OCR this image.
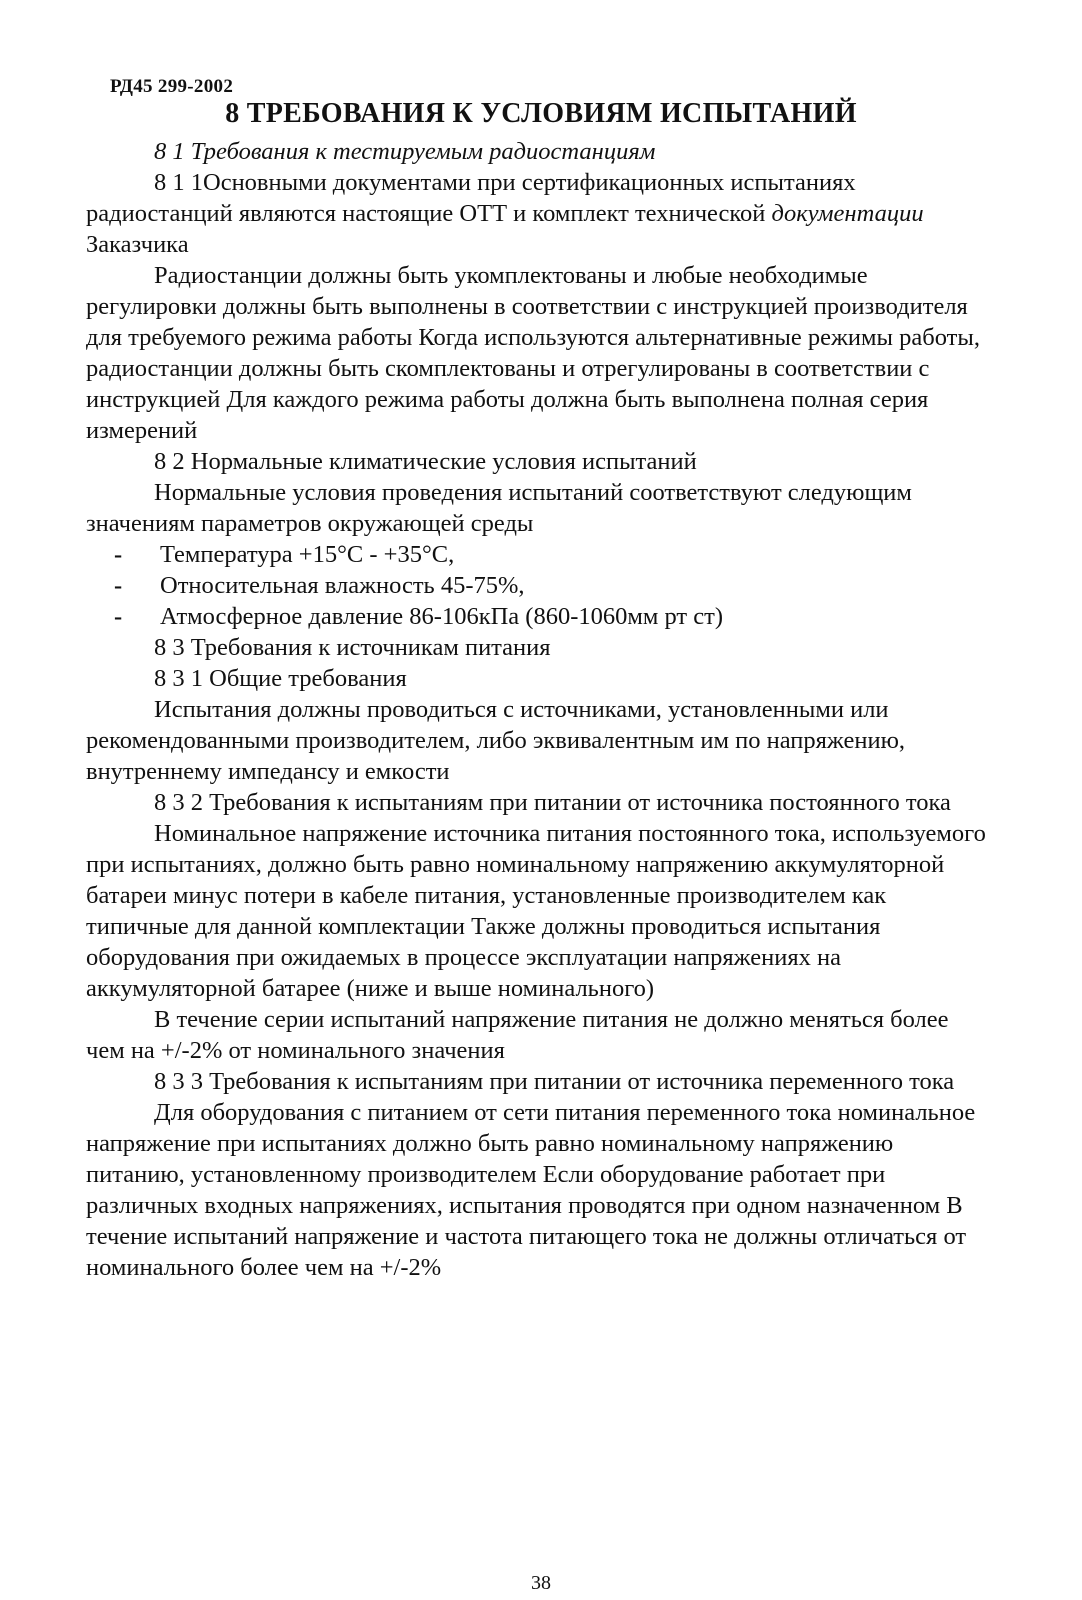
РД45 299-2002
8 ТРЕБОВАНИЯ К УСЛОВИЯМ ИСПЫТАНИЙ

8 1 Требования к тестируемым радиостанциям

8 1 1Основными документами при сертификационных испытаниях радиостанций являются настоящие ОТТ и комплект технической документации Заказчика

Радиостанции должны быть укомплектованы и любые необходимые регулировки должны быть выполнены в соответствии с инструкцией производителя для требуемого режима работы Когда используются альтернативные режимы работы, радиостанции должны быть скомплектованы и отрегулированы в соответствии с инструкцией Для каждого режима работы должна быть выполнена полная серия измерений

8 2 Нормальные климатические условия испытаний

Нормальные условия проведения испытаний соответствуют следующим значениям параметров окружающей среды

- Температура +15°С - +35°С,
- Относительная влажность 45-75%,
- Атмосферное давление 86-106кПа (860-1060мм рт ст)

8 3 Требования к источникам питания

8 3 1 Общие требования

Испытания должны проводиться с источниками, установленными или рекомендованными производителем, либо эквивалентным им по напряжению, внутреннему импедансу и емкости

8 3 2 Требования к испытаниям при питании от источника постоянного тока

Номинальное напряжение источника питания постоянного тока, используемого при испытаниях, должно быть равно номинальному напряжению аккумуляторной батареи минус потери в кабеле питания, установленные производителем как типичные для данной комплектации Также должны проводиться испытания оборудования при ожидаемых в процессе эксплуатации напряжениях на аккумуляторной батарее (ниже и выше номинального)

В течение серии испытаний напряжение питания не должно меняться более чем на +/-2% от номинального значения

8 3 3 Требования к испытаниям при питании от источника переменного тока

Для оборудования с питанием от сети питания переменного тока номинальное напряжение при испытаниях должно быть равно номинальному напряжению питанию, установленному производителем Если оборудование работает при различных входных напряжениях, испытания проводятся при одном назначенном В течение испытаний напряжение и частота питающего тока не должны отличаться от номинального более чем на +/-2%

38
